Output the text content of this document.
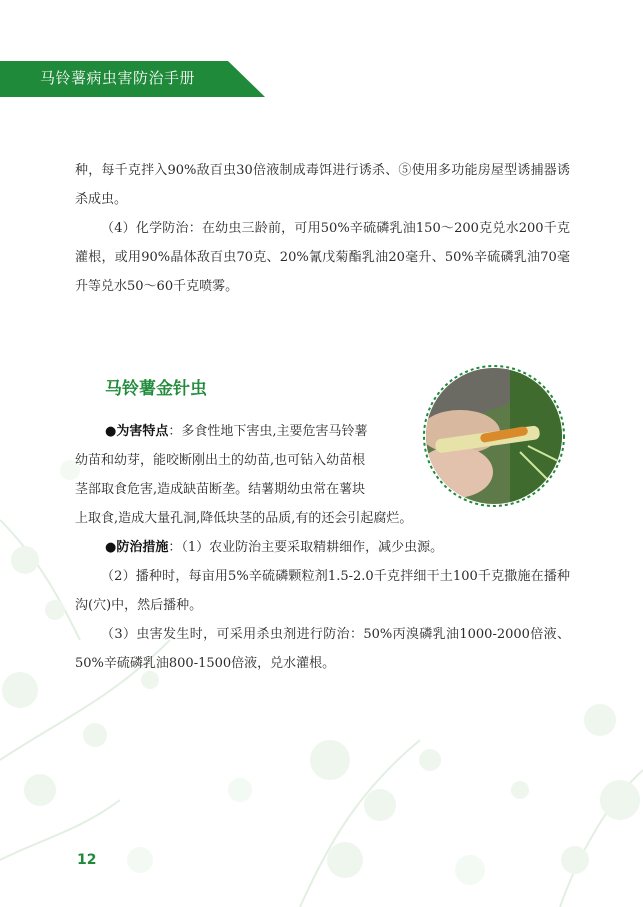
马铃薯病虫害防治手册

种，每千克拌入90%敌百虫30倍液制成毒饵进行诱杀、⑤使用多功能房屋型诱捕器诱杀成虫。

（4）化学防治：在幼虫三龄前，可用50%辛硫磷乳油150～200克兑水200千克灌根，或用90%晶体敌百虫70克、20%氰戊菊酯乳油20毫升、50%辛硫磷乳油70毫升等兑水50～60千克喷雾。

马铃薯金针虫

●为害特点：多食性地下害虫,主要危害马铃薯

幼苗和幼芽，能咬断刚出土的幼苗,也可钻入幼苗根

茎部取食危害,造成缺苗断垄。结薯期幼虫常在薯块

上取食,造成大量孔洞,降低块茎的品质,有的还会引起腐烂。

●防治措施：（1）农业防治主要采取精耕细作，减少虫源。

（2）播种时，每亩用5%辛硫磷颗粒剂1.5-2.0千克拌细干土100千克撒施在播种沟(穴)中，然后播种。

（3）虫害发生时，可采用杀虫剂进行防治：50%丙溴磷乳油1000-2000倍液、50%辛硫磷乳油800-1500倍液，兑水灌根。

12
